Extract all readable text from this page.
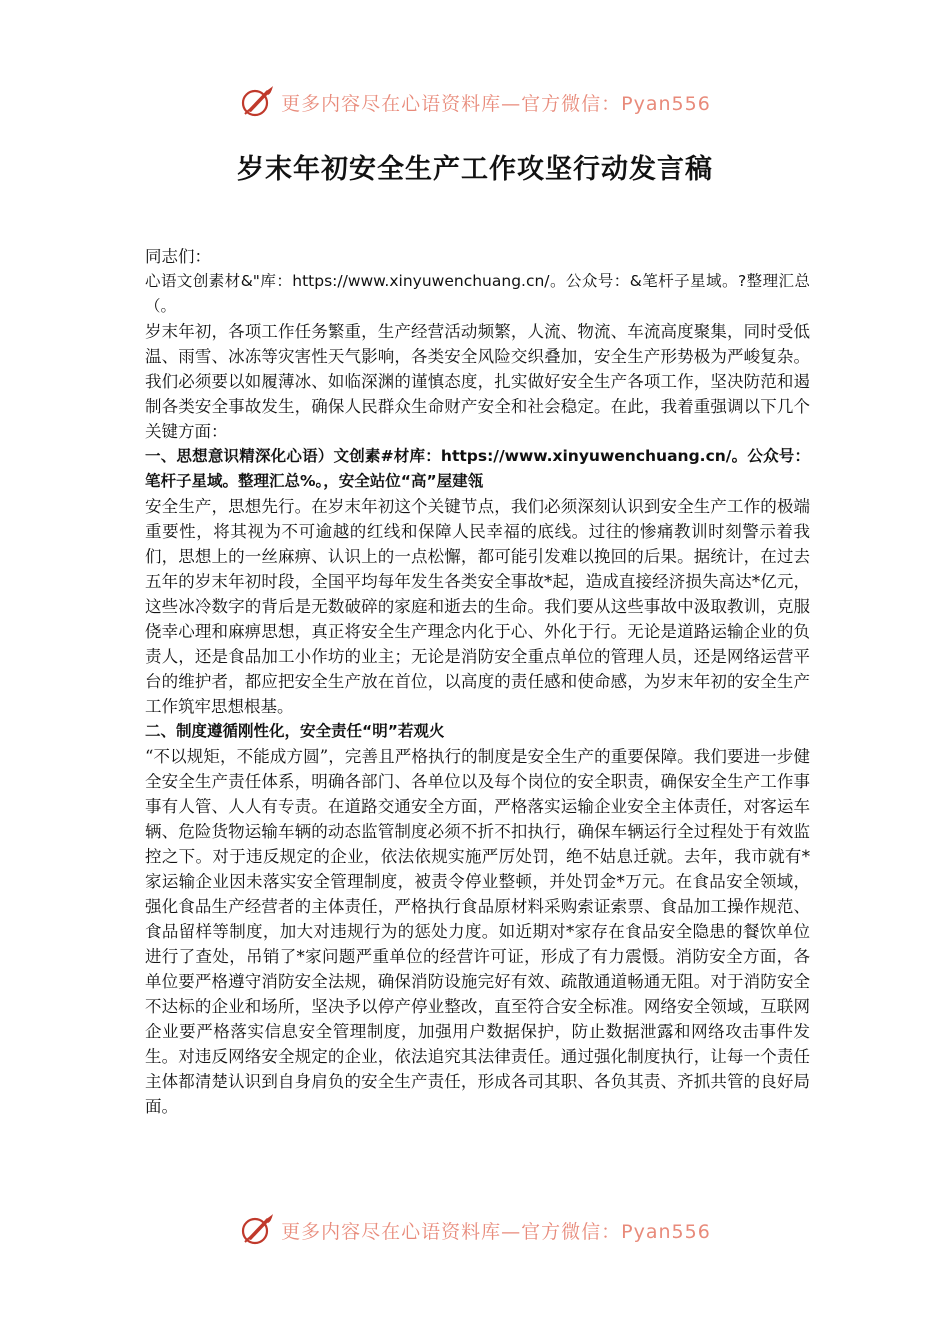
更多内容尽在心语资料库—官方微信：Pyan556
岁末年初安全生产工作攻坚行动发言稿

同志们：

心语文创素材&"库：https://www.xinyuwenchuang.cn/。公众号：&笔杆子星域。?整理汇总（。

岁末年初，各项工作任务繁重，生产经营活动频繁，人流、物流、车流高度聚集，同时受低温、雨雪、冰冻等灾害性天气影响，各类安全风险交织叠加，安全生产形势极为严峻复杂。我们必须要以如履薄冰、如临深渊的谨慎态度，扎实做好安全生产各项工作，坚决防范和遏制各类安全事故发生，确保人民群众生命财产安全和社会稳定。在此，我着重强调以下几个关键方面：

一、思想意识精深化心语）文创素#材库：https://www.xinyuwenchuang.cn/。公众号：笔杆子星域。整理汇总%。，安全站位“高”屋建瓴

安全生产，思想先行。在岁末年初这个关键节点，我们必须深刻认识到安全生产工作的极端重要性，将其视为不可逾越的红线和保障人民幸福的底线。过往的惨痛教训时刻警示着我们，思想上的一丝麻痹、认识上的一点松懈，都可能引发难以挽回的后果。据统计，在过去五年的岁末年初时段，全国平均每年发生各类安全事故*起，造成直接经济损失高达*亿元，这些冰冷数字的背后是无数破碎的家庭和逝去的生命。我们要从这些事故中汲取教训，克服侥幸心理和麻痹思想，真正将安全生产理念内化于心、外化于行。无论是道路运输企业的负责人，还是食品加工小作坊的业主；无论是消防安全重点单位的管理人员，还是网络运营平台的维护者，都应把安全生产放在首位，以高度的责任感和使命感，为岁末年初的安全生产工作筑牢思想根基。

二、制度遵循刚性化，安全责任“明”若观火

“不以规矩，不能成方圆”，完善且严格执行的制度是安全生产的重要保障。我们要进一步健全安全生产责任体系，明确各部门、各单位以及每个岗位的安全职责，确保安全生产工作事事有人管、人人有专责。在道路交通安全方面，严格落实运输企业安全主体责任，对客运车辆、危险货物运输车辆的动态监管制度必须不折不扣执行，确保车辆运行全过程处于有效监控之下。对于违反规定的企业，依法依规实施严厉处罚，绝不姑息迁就。去年，我市就有*家运输企业因未落实安全管理制度，被责令停业整顿，并处罚金*万元。在食品安全领域，强化食品生产经营者的主体责任，严格执行食品原材料采购索证索票、食品加工操作规范、食品留样等制度，加大对违规行为的惩处力度。如近期对*家存在食品安全隐患的餐饮单位进行了查处，吊销了*家问题严重单位的经营许可证，形成了有力震慑。消防安全方面，各单位要严格遵守消防安全法规，确保消防设施完好有效、疏散通道畅通无阻。对于消防安全不达标的企业和场所，坚决予以停产停业整改，直至符合安全标准。网络安全领域，互联网企业要严格落实信息安全管理制度，加强用户数据保护，防止数据泄露和网络攻击事件发生。对违反网络安全规定的企业，依法追究其法律责任。通过强化制度执行，让每一个责任主体都清楚认识到自身肩负的安全生产责任，形成各司其职、各负其责、齐抓共管的良好局面。

更多内容尽在心语资料库—官方微信：Pyan556
